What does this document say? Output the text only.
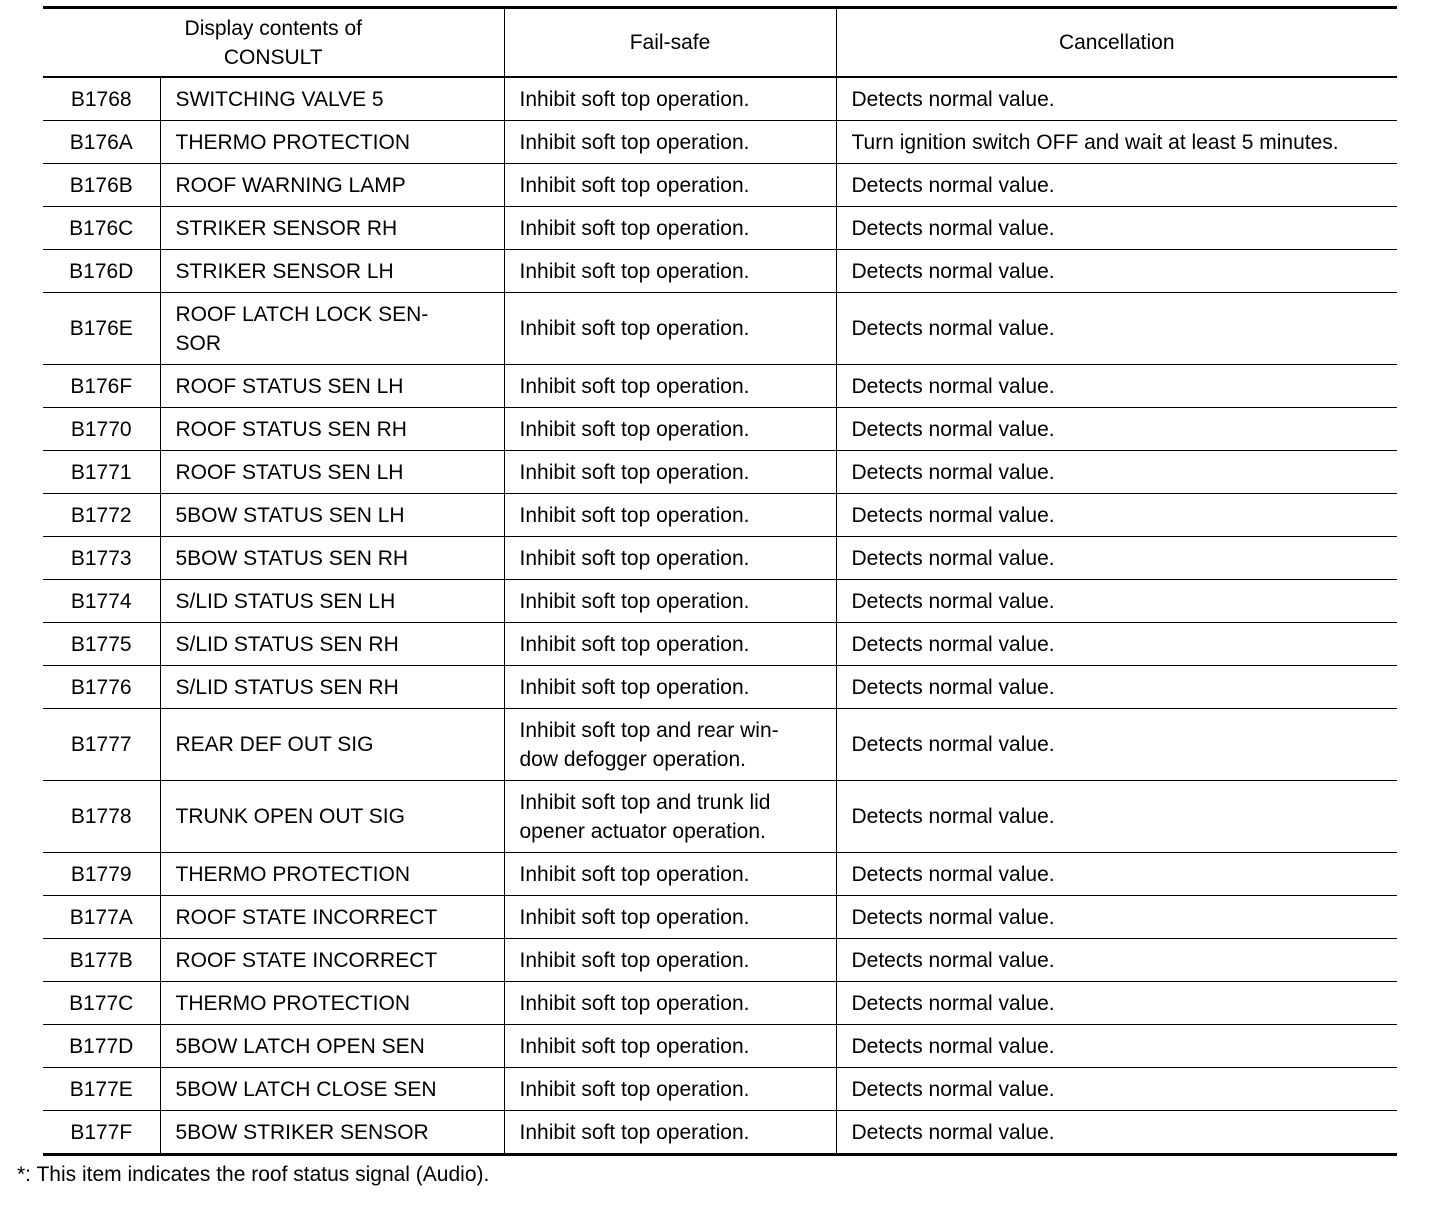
Display contents of
CONSULT		Fail-safe	Cancellation
B1768	SWITCHING VALVE 5	Inhibit soft top operation.	Detects normal value.
B176A	THERMO PROTECTION	Inhibit soft top operation.	Turn ignition switch OFF and wait at least 5 minutes.
B176B	ROOF WARNING LAMP	Inhibit soft top operation.	Detects normal value.
B176C	STRIKER SENSOR RH	Inhibit soft top operation.	Detects normal value.
B176D	STRIKER SENSOR LH	Inhibit soft top operation.	Detects normal value.
B176E	ROOF LATCH LOCK SEN-
SOR	Inhibit soft top operation.	Detects normal value.
B176F	ROOF STATUS SEN LH	Inhibit soft top operation.	Detects normal value.
B1770	ROOF STATUS SEN RH	Inhibit soft top operation.	Detects normal value.
B1771	ROOF STATUS SEN LH	Inhibit soft top operation.	Detects normal value.
B1772	5BOW STATUS SEN LH	Inhibit soft top operation.	Detects normal value.
B1773	5BOW STATUS SEN RH	Inhibit soft top operation.	Detects normal value.
B1774	S/LID STATUS SEN LH	Inhibit soft top operation.	Detects normal value.
B1775	S/LID STATUS SEN RH	Inhibit soft top operation.	Detects normal value.
B1776	S/LID STATUS SEN RH	Inhibit soft top operation.	Detects normal value.
B1777	REAR DEF OUT SIG	Inhibit soft top and rear win-
dow defogger operation.	Detects normal value.
B1778	TRUNK OPEN OUT SIG	Inhibit soft top and trunk lid
opener actuator operation.	Detects normal value.
B1779	THERMO PROTECTION	Inhibit soft top operation.	Detects normal value.
B177A	ROOF STATE INCORRECT	Inhibit soft top operation.	Detects normal value.
B177B	ROOF STATE INCORRECT	Inhibit soft top operation.	Detects normal value.
B177C	THERMO PROTECTION	Inhibit soft top operation.	Detects normal value.
B177D	5BOW LATCH OPEN SEN	Inhibit soft top operation.	Detects normal value.
B177E	5BOW LATCH CLOSE SEN	Inhibit soft top operation.	Detects normal value.
B177F	5BOW STRIKER SENSOR	Inhibit soft top operation.	Detects normal value.
*: This item indicates the roof status signal (Audio).
